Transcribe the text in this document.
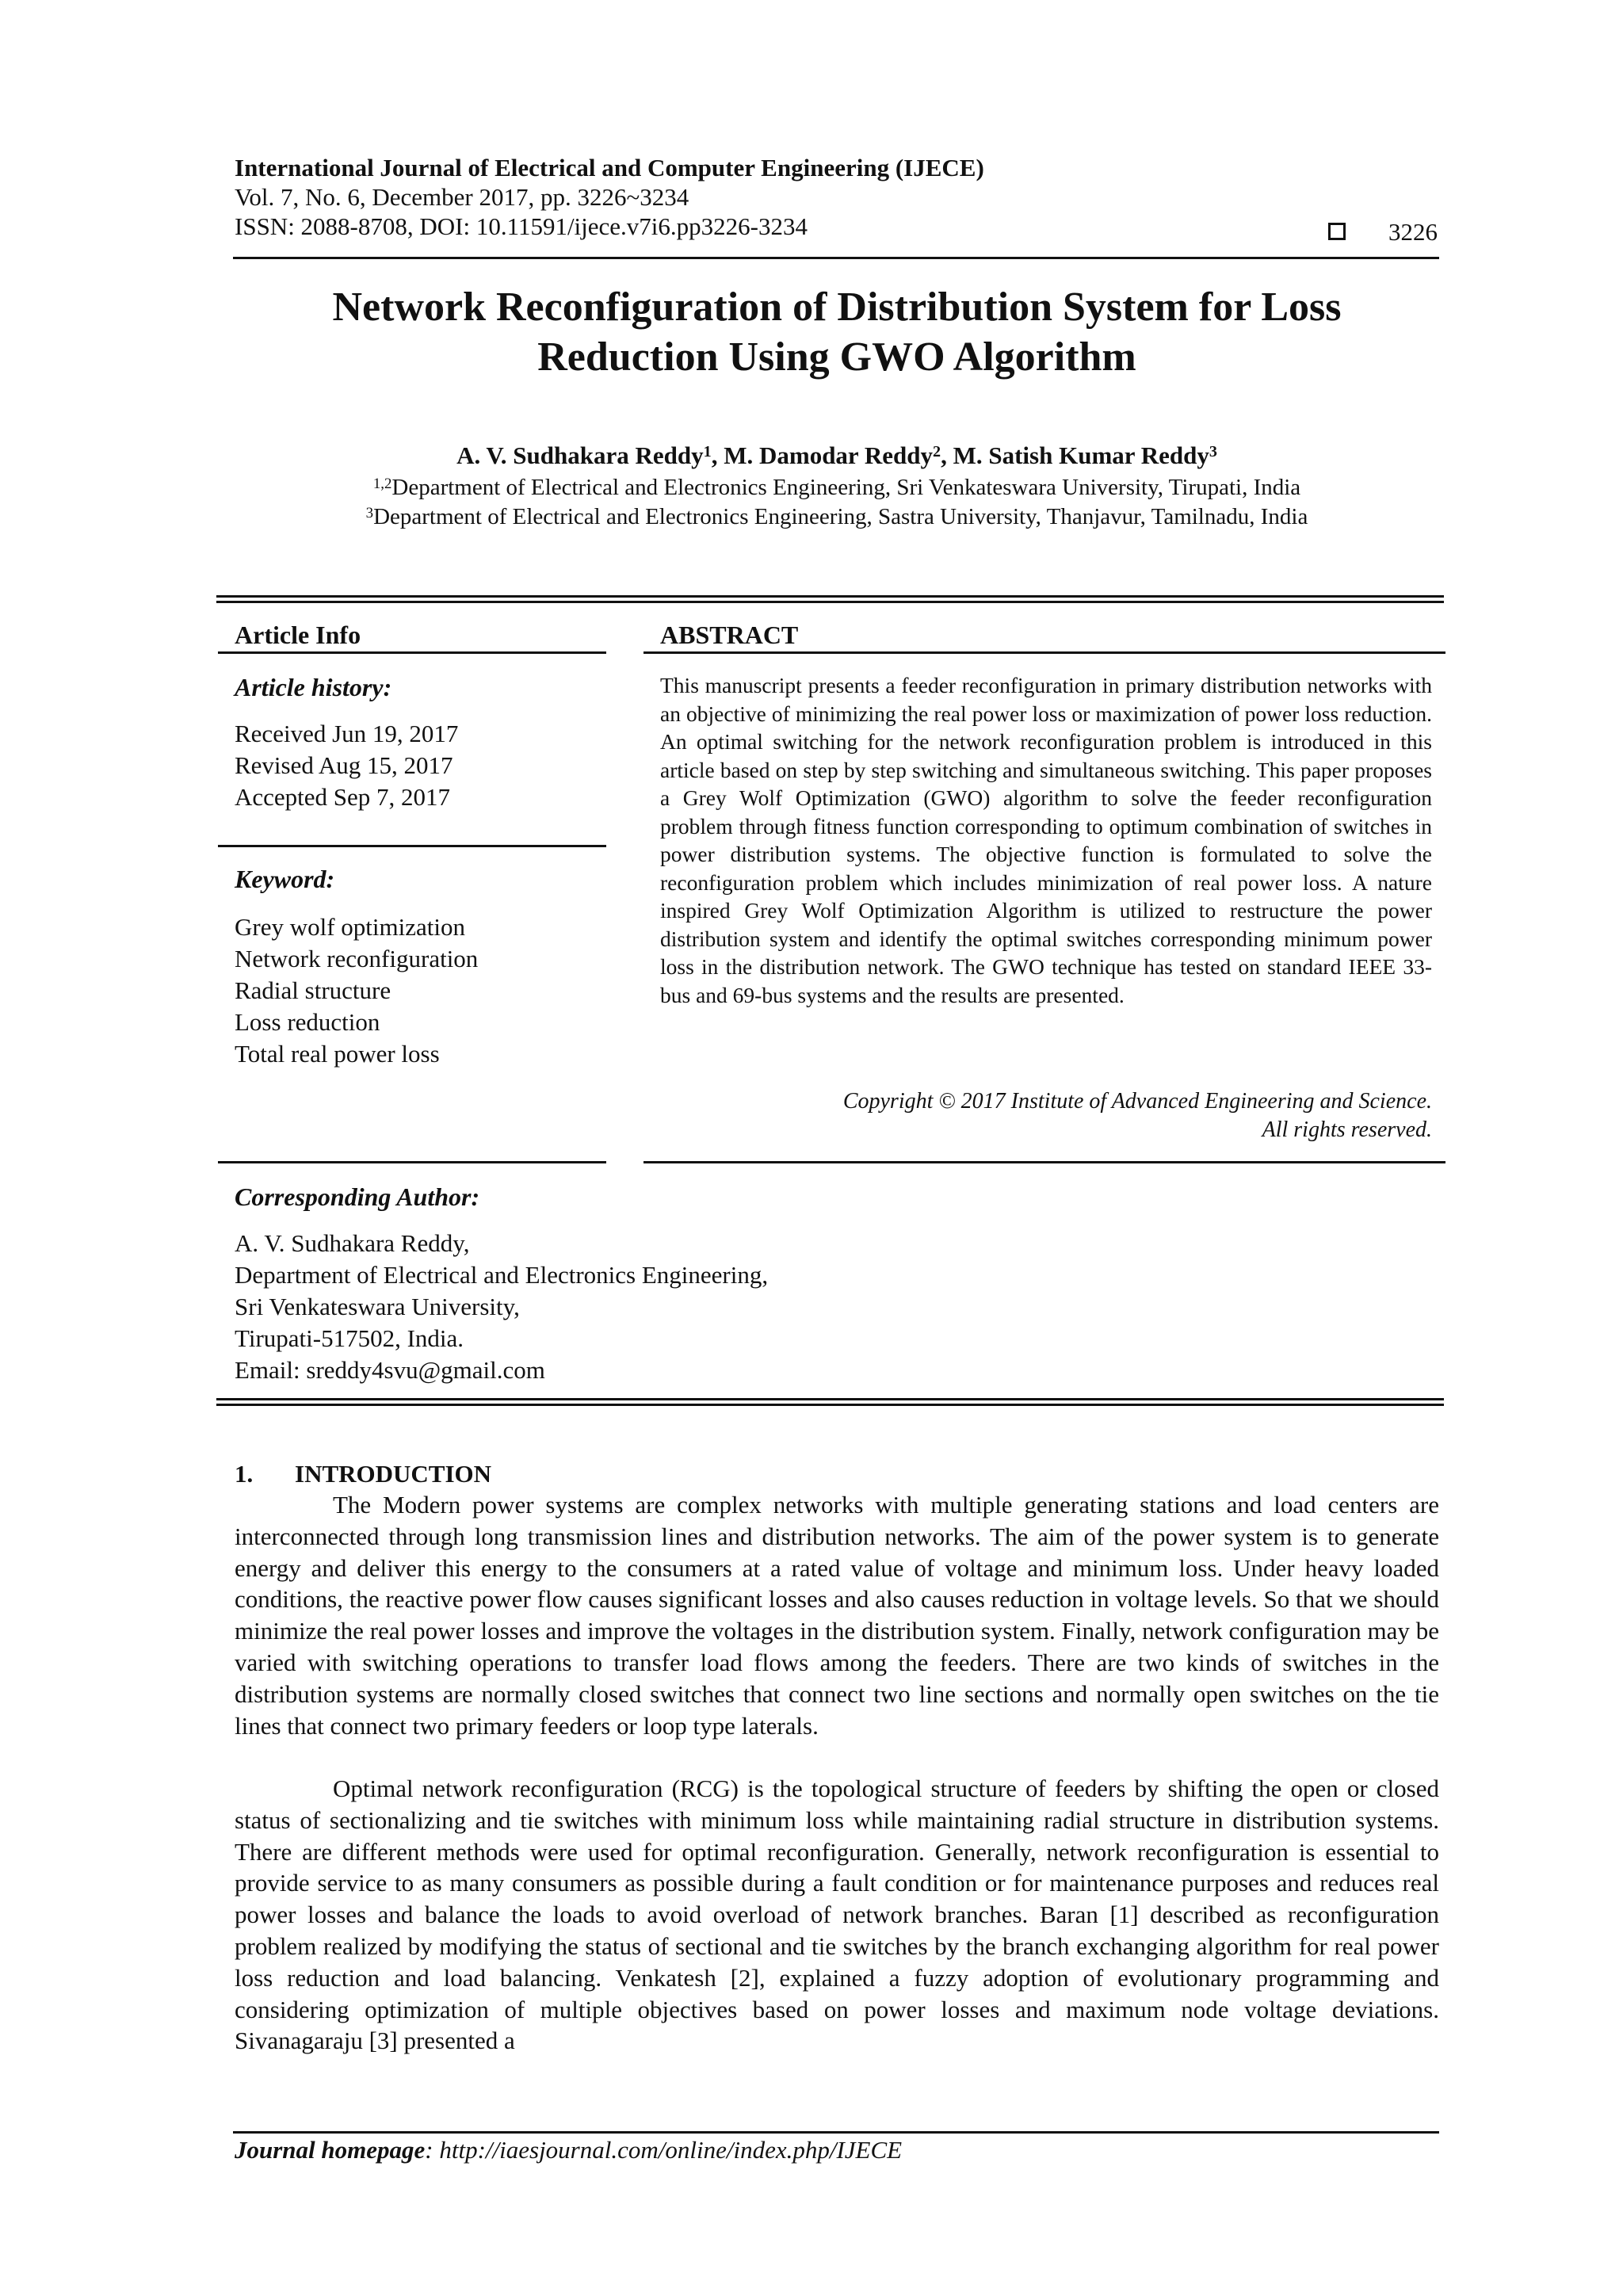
International Journal of Electrical and Computer Engineering (IJECE)
Vol. 7, No. 6, December 2017, pp. 3226~3234
ISSN: 2088-8708, DOI: 10.11591/ijece.v7i6.pp3226-3234	3226
Network Reconfiguration of Distribution System for Loss
Reduction Using GWO Algorithm
A. V. Sudhakara Reddy$^1$, M. Damodar Reddy$^2$, M. Satish Kumar Reddy$^3$
$^{1,2}$Department of Electrical and Electronics Engineering, Sri Venkateswara University, Tirupati, India
$^3$Department of Electrical and Electronics Engineering, Sastra University, Thanjavur, Tamilnadu, India
Article Info
Article history:
Received Jun 19, 2017
Revised Aug 15, 2017
Accepted Sep 7, 2017
Keyword:
Grey wolf optimization
Network reconfiguration
Radial structure
Loss reduction
Total real power loss
ABSTRACT
This manuscript presents a feeder reconfiguration in primary distribution networks with an objective of minimizing the real power loss or maximization of power loss reduction. An optimal switching for the network reconfiguration problem is introduced in this article based on step by step switching and simultaneous switching. This paper proposes a Grey Wolf Optimization (GWO) algorithm to solve the feeder reconfiguration problem through fitness function corresponding to optimum combination of switches in power distribution systems. The objective function is formulated to solve the reconfiguration problem which includes minimization of real power loss. A nature inspired Grey Wolf Optimization Algorithm is utilized to restructure the power distribution system and identify the optimal switches corresponding minimum power loss in the distribution network. The GWO technique has tested on standard IEEE 33-bus and 69-bus systems and the results are presented.
Copyright © 2017 Institute of Advanced Engineering and Science.
All rights reserved.
Corresponding Author:
A. V. Sudhakara Reddy,
Department of Electrical and Electronics Engineering,
Sri Venkateswara University,
Tirupati-517502, India.
Email: sreddy4svu@gmail.com
1. INTRODUCTION

The Modern power systems are complex networks with multiple generating stations and load centers are interconnected through long transmission lines and distribution networks. The aim of the power system is to generate energy and deliver this energy to the consumers at a rated value of voltage and minimum loss. Under heavy loaded conditions, the reactive power flow causes significant losses and also causes reduction in voltage levels. So that we should minimize the real power losses and improve the voltages in the distribution system. Finally, network configuration may be varied with switching operations to transfer load flows among the feeders. There are two kinds of switches in the distribution systems are normally closed switches that connect two line sections and normally open switches on the tie lines that connect two primary feeders or loop type laterals.

Optimal network reconfiguration (RCG) is the topological structure of feeders by shifting the open or closed status of sectionalizing and tie switches with minimum loss while maintaining radial structure in distribution systems. There are different methods were used for optimal reconfiguration. Generally, network reconfiguration is essential to provide service to as many consumers as possible during a fault condition or for maintenance purposes and reduces real power losses and balance the loads to avoid overload of network branches. Baran [1] described as reconfiguration problem realized by modifying the status of sectional and tie switches by the branch exchanging algorithm for real power loss reduction and load balancing. Venkatesh [2], explained a fuzzy adoption of evolutionary programming and considering optimization of multiple objectives based on power losses and maximum node voltage deviations. Sivanagaraju [3] presented a

Journal homepage: http://iaesjournal.com/online/index.php/IJECE
